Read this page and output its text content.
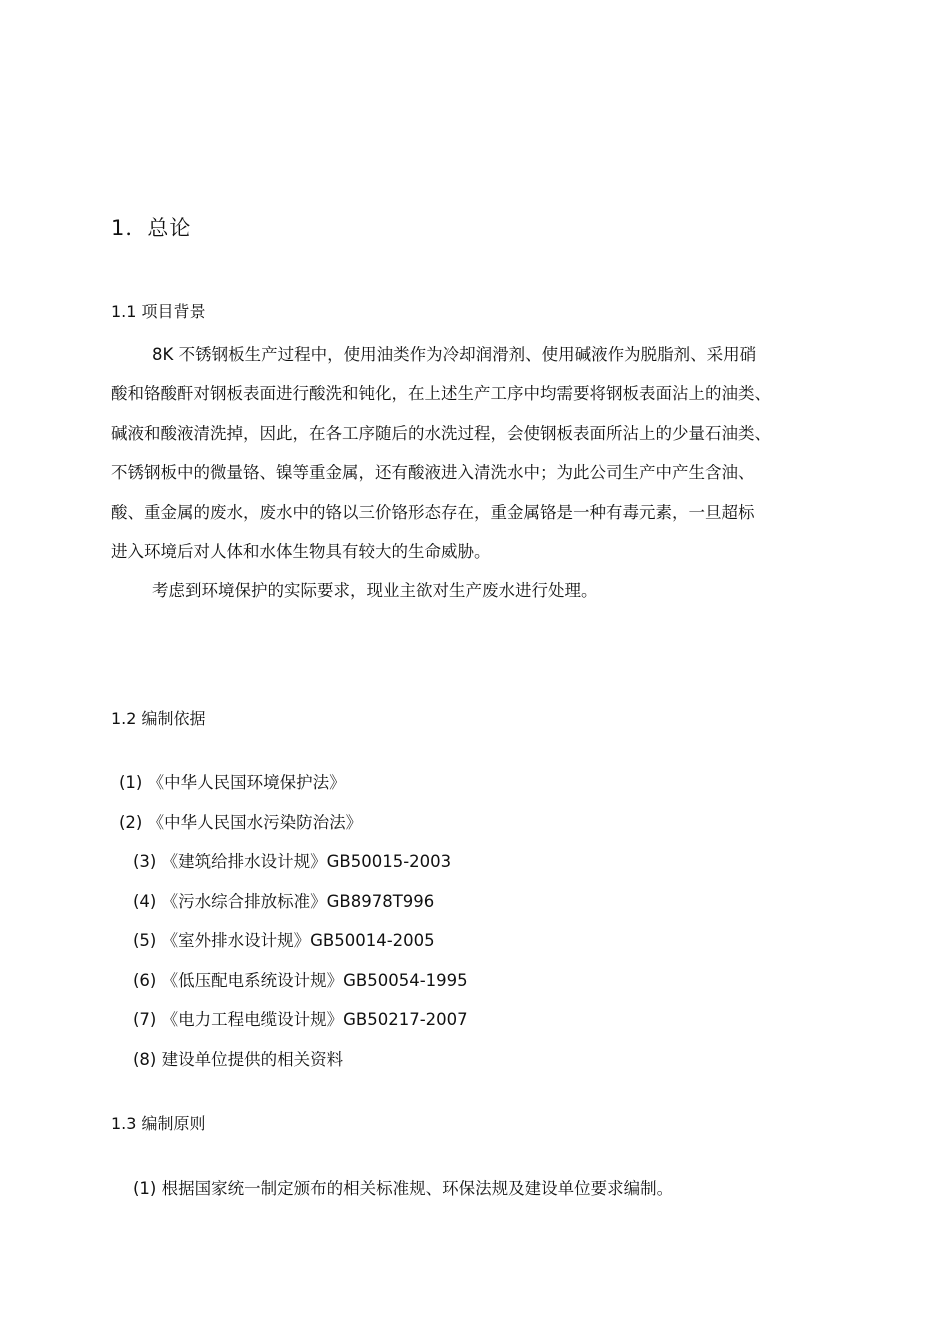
1．总论
1.1 项目背景
8K 不锈钢板生产过程中，使用油类作为冷却润滑剂、使用碱液作为脱脂剂、采用硝
酸和铬酸酐对钢板表面进行酸洗和钝化，在上述生产工序中均需要将钢板表面沾上的油类、
碱液和酸液清洗掉，因此，在各工序随后的水洗过程，会使钢板表面所沾上的少量石油类、
不锈钢板中的微量铬、镍等重金属，还有酸液进入清洗水中；为此公司生产中产生含油、
酸、重金属的废水，废水中的铬以三价铬形态存在，重金属铬是一种有毒元素，一旦超标
进入环境后对人体和水体生物具有较大的生命威胁。
考虑到环境保护的实际要求，现业主欲对生产废水进行处理。
1.2 编制依据
(1) 《中华人民国环境保护法》
(2) 《中华人民国水污染防治法》
(3) 《建筑给排水设计规》GB50015-2003
(4) 《污水综合排放标准》GB8978T996
(5) 《室外排水设计规》GB50014-2005
(6) 《低压配电系统设计规》GB50054-1995
(7) 《电力工程电缆设计规》GB50217-2007
(8) 建设单位提供的相关资料
1.3 编制原则
(1) 根据国家统一制定颁布的相关标准规、环保法规及建设单位要求编制。
